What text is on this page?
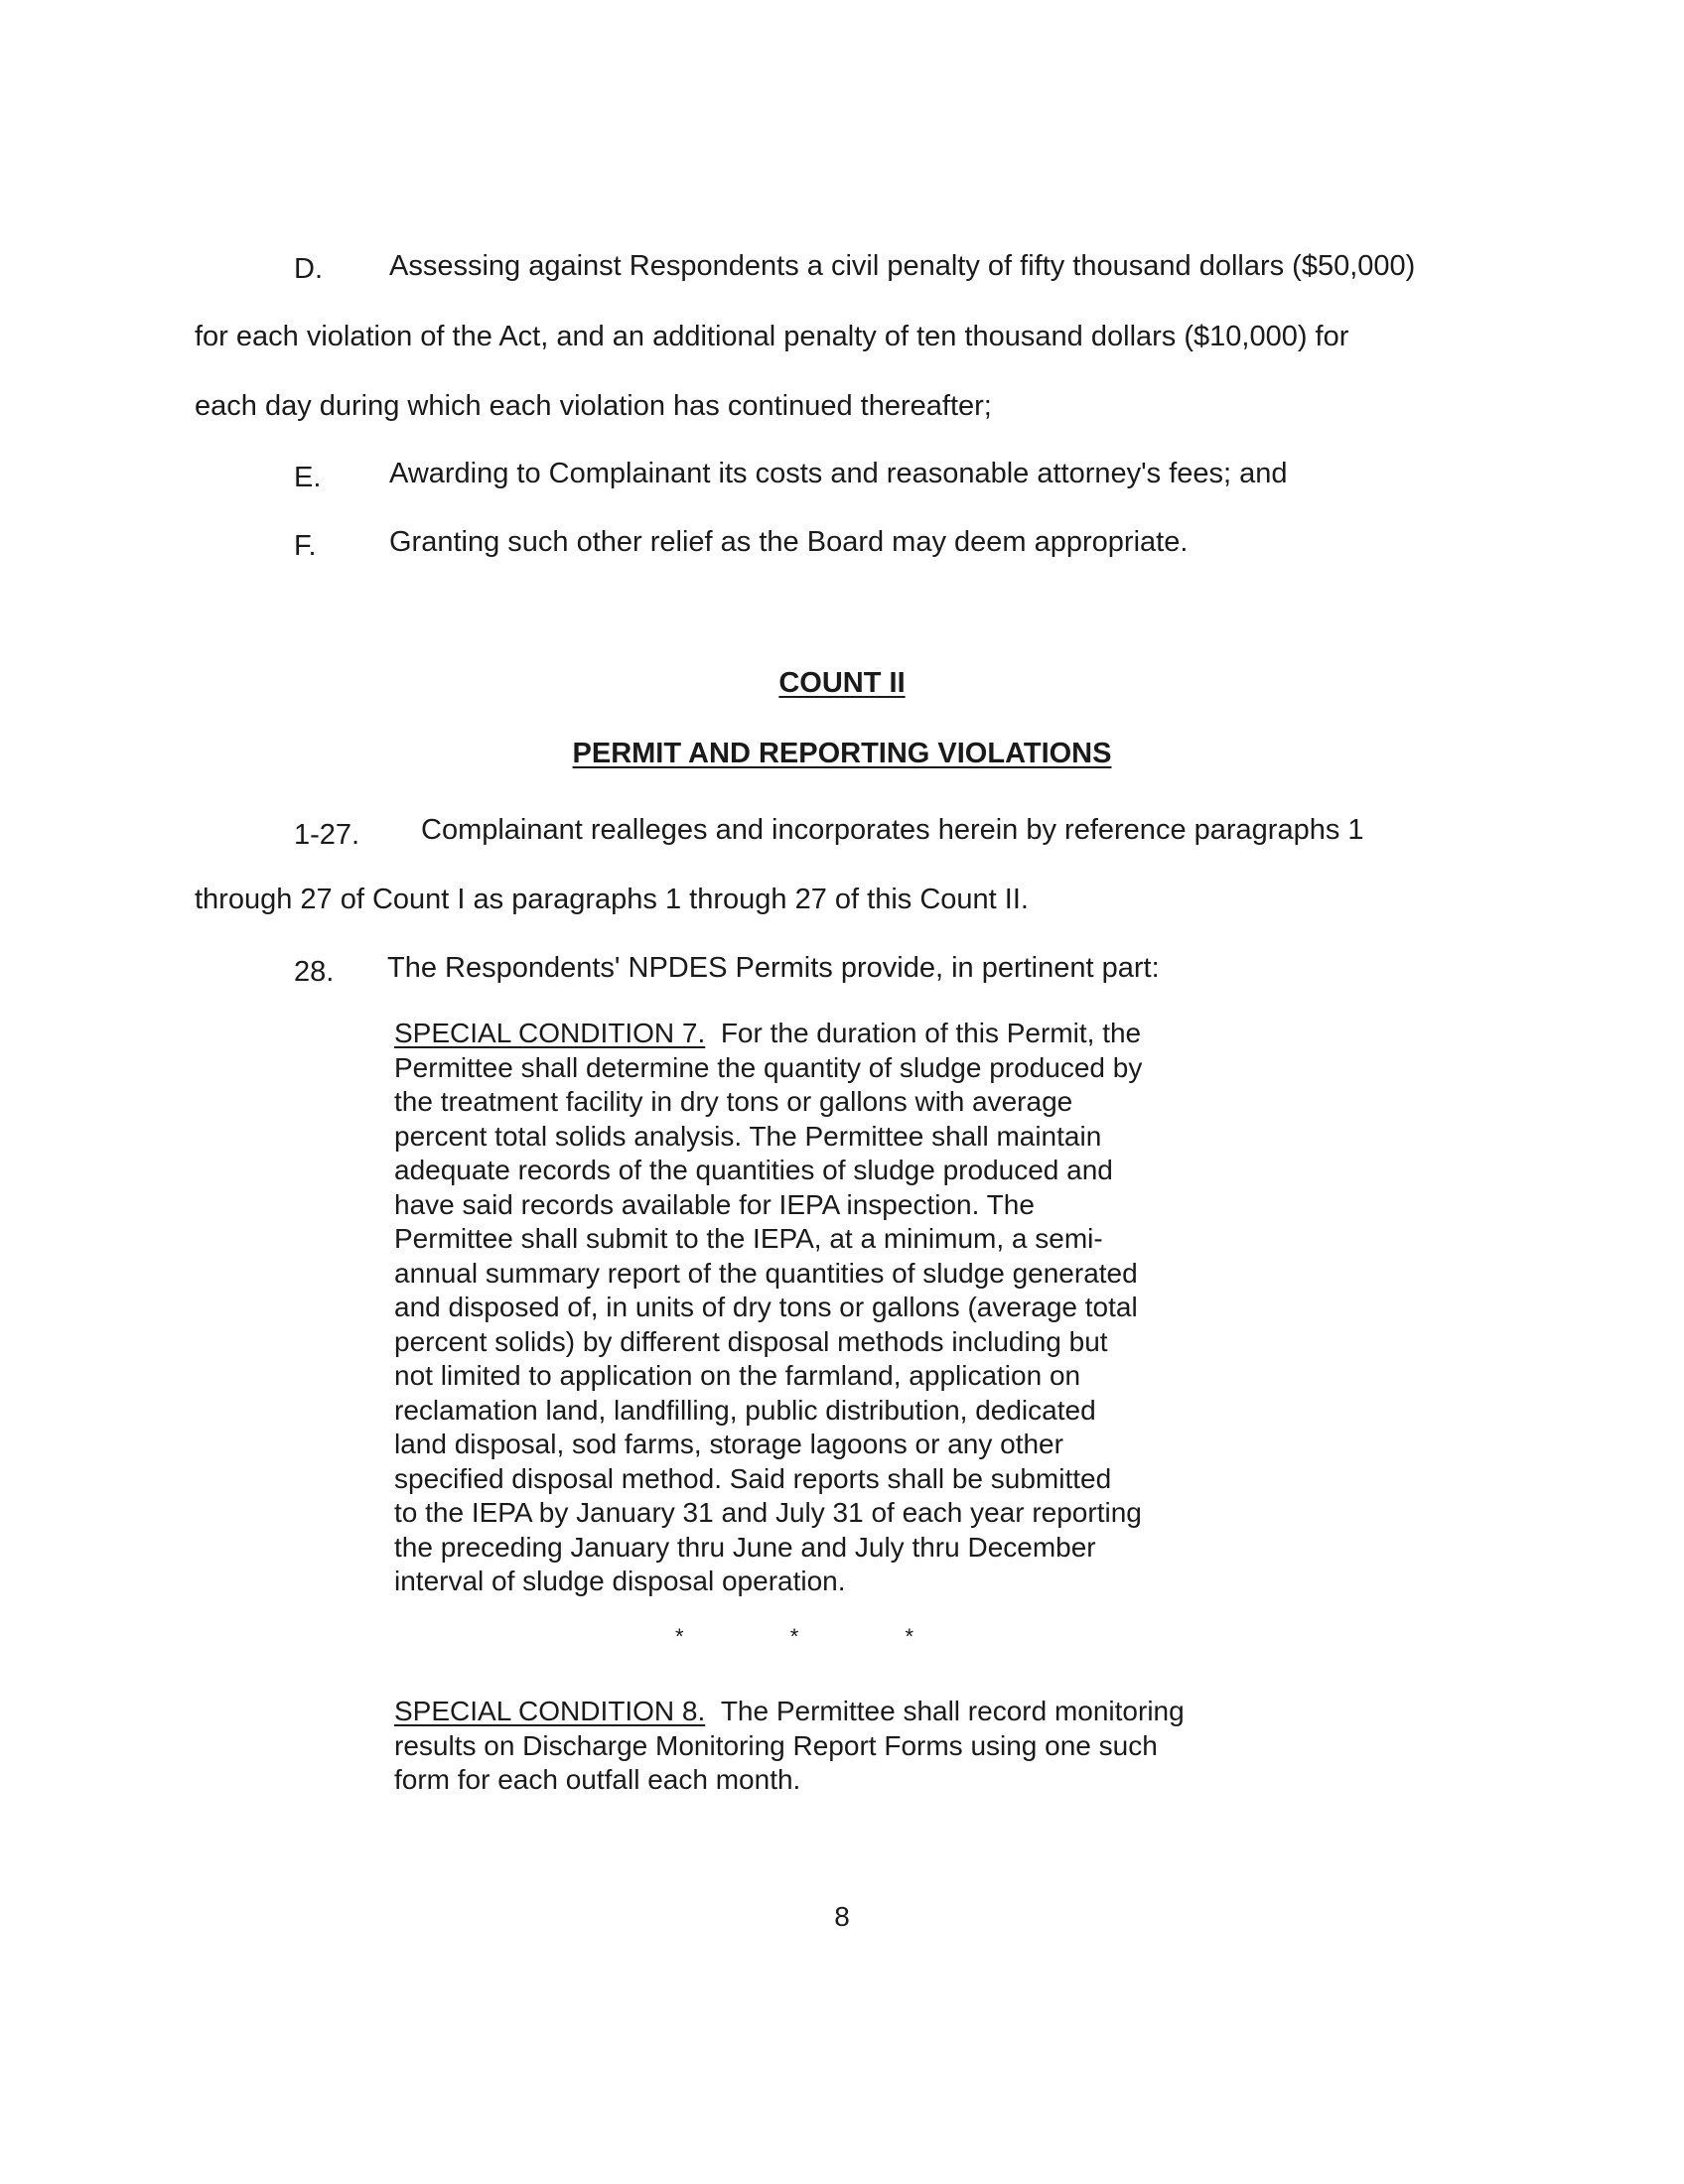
D. Assessing against Respondents a civil penalty of fifty thousand dollars ($50,000)
for each violation of the Act, and an additional penalty of ten thousand dollars ($10,000) for
each day during which each violation has continued thereafter;
E. Awarding to Complainant its costs and reasonable attorney's fees; and
F.	Granting such other relief as the Board may deem appropriate.
COUNT II
PERMIT AND REPORTING VIOLATIONS
1-27. Complainant realleges and incorporates herein by reference paragraphs 1
through 27 of Count I as paragraphs 1 through 27 of this Count II.
28. The Respondents' NPDES Permits provide, in pertinent part:
SPECIAL CONDITION 7. For the duration of this Permit, the
Permittee shall determine the quantity of sludge produced by
the treatment facility in dry tons or gallons with average
percent total solids analysis. The Permittee shall maintain
adequate records of the quantities of sludge produced and
have said records available for IEPA inspection. The
Permittee shall submit to the IEPA, at a minimum, a semi-
annual summary report of the quantities of sludge generated
and disposed of, in units of dry tons or gallons (average total
percent solids) by different disposal methods including but
not limited to application on the farmland, application on
reclamation land, landfilling, public distribution, dedicated
land disposal, sod farms, storage lagoons or any other
specified disposal method. Said reports shall be submitted
to the IEPA by January 31 and July 31 of each year reporting
the preceding January thru June and July thru December
interval of sludge disposal operation.
*	*	*
SPECIAL CONDITION 8. The Permittee shall record monitoring
results on Discharge Monitoring Report Forms using one such
form for each outfall each month.
8
